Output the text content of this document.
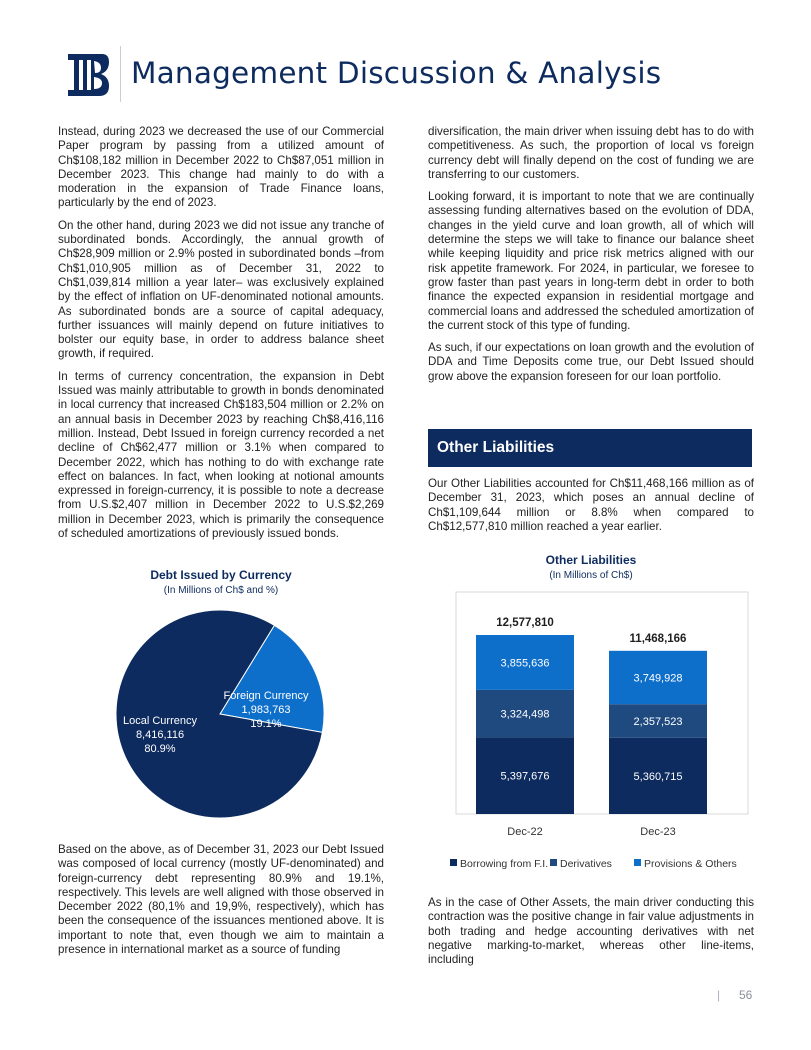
Management Discussion & Analysis

Instead, during 2023 we decreased the use of our Commercial Paper program by passing from a utilized amount of Ch$108,182 million in December 2022 to Ch$87,051 million in December 2023. This change had mainly to do with a moderation in the expansion of Trade Finance loans, particularly by the end of 2023.

On the other hand, during 2023 we did not issue any tranche of subordinated bonds. Accordingly, the annual growth of Ch$28,909 million or 2.9% posted in subordinated bonds –from Ch$1,010,905 million as of December 31, 2022 to Ch$1,039,814 million a year later– was exclusively explained by the effect of inflation on UF-denominated notional amounts. As subordinated bonds are a source of capital adequacy, further issuances will mainly depend on future initiatives to bolster our equity base, in order to address balance sheet growth, if required.

In terms of currency concentration, the expansion in Debt Issued was mainly attributable to growth in bonds denominated in local currency that increased Ch$183,504 million or 2.2% on an annual basis in December 2023 by reaching Ch$8,416,116 million. Instead, Debt Issued in foreign currency recorded a net decline of Ch$62,477 million or 3.1% when compared to December 2022, which has nothing to do with exchange rate effect on balances. In fact, when looking at notional amounts expressed in foreign-currency, it is possible to note a decrease from U.S.$2,407 million in December 2022 to U.S.$2,269 million in December 2023, which is primarily the consequence of scheduled amortizations of previously issued bonds.

Debt Issued by Currency
(In Millions of Ch$ and %)
Local Currency
8,416,116
80.9%
Foreign Currency
1,983,763
19.1%

Based on the above, as of December 31, 2023 our Debt Issued was composed of local currency (mostly UF-denominated) and foreign-currency debt representing 80.9% and 19.1%, respectively. This levels are well aligned with those observed in December 2022 (80,1% and 19,9%, respectively), which has been the consequence of the issuances mentioned above. It is important to note that, even though we aim to maintain a presence in international market as a source of funding

diversification, the main driver when issuing debt has to do with competitiveness. As such, the proportion of local vs foreign currency debt will finally depend on the cost of funding we are transferring to our customers.

Looking forward, it is important to note that we are continually assessing funding alternatives based on the evolution of DDA, changes in the yield curve and loan growth, all of which will determine the steps we will take to finance our balance sheet while keeping liquidity and price risk metrics aligned with our risk appetite framework. For 2024, in particular, we foresee to grow faster than past years in long-term debt in order to both finance the expected expansion in residential mortgage and commercial loans and addressed the scheduled amortization of the current stock of this type of funding.

As such, if our expectations on loan growth and the evolution of DDA and Time Deposits come true, our Debt Issued should grow above the expansion foreseen for our loan portfolio.

Other Liabilities

Our Other Liabilities accounted for Ch$11,468,166 million as of December 31, 2023, which poses an annual decline of Ch$1,109,644 million or 8.8% when compared to Ch$12,577,810 million reached a year earlier.

Other Liabilities
(In Millions of Ch$)
5,397,676
3,324,498
3,855,636
12,577,810
Dec-22
5,360,715
2,357,523
3,749,928
11,468,166
Dec-23
Borrowing from F.I. Derivatives	Provisions & Others

As in the case of Other Assets, the main driver conducting this contraction was the positive change in fair value adjustments in both trading and hedge accounting derivatives with net negative marking-to-market, whereas other line-items, including

| 56
